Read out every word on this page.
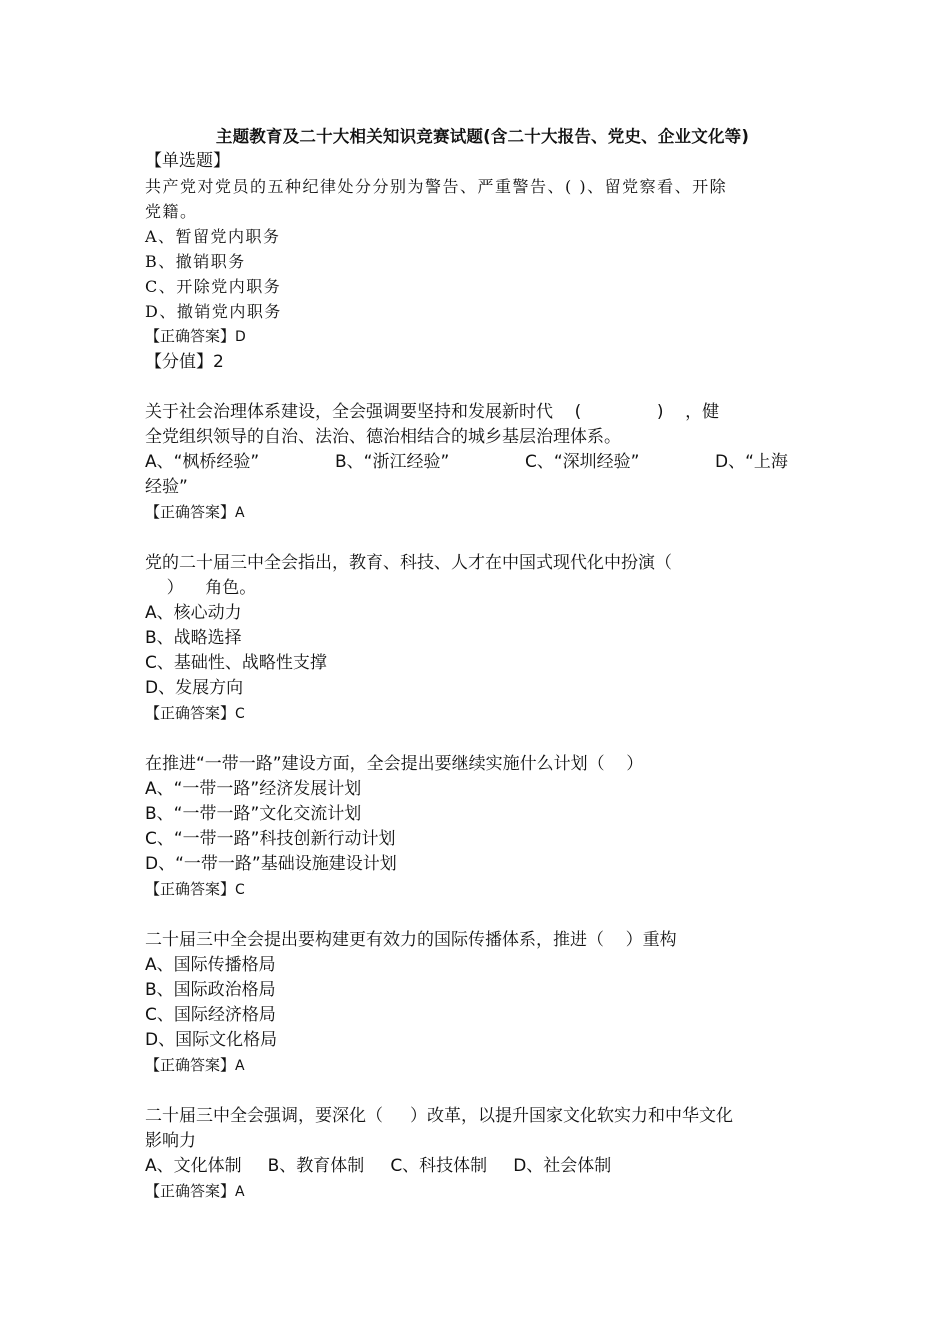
主题教育及二十大相关知识竞赛试题(含二十大报告、党史、企业文化等)
【单选题】
共产党对党员的五种纪律处分分别为警告、严重警告、( )、留党察看、开除
党籍。
A、暂留党内职务
B、撤销职务
C、开除党内职务
D、撤销党内职务
【正确答案】D
【分值】2
关于社会治理体系建设，全会强调要坚持和发展新时代    (              )    ，健
全党组织领导的自治、法治、德治相结合的城乡基层治理体系。
A、“枫桥经验”	B、“浙江经验”	C、“深圳经验”	D、“上海
经验”
【正确答案】A
党的二十届三中全会指出，教育、科技、人才在中国式现代化中扮演（
）    角色。
A、核心动力
B、战略选择
C、基础性、战略性支撑
D、发展方向
【正确答案】C
在推进“一带一路”建设方面，全会提出要继续实施什么计划（    ）
A、“一带一路”经济发展计划
B、“一带一路”文化交流计划
C、“一带一路”科技创新行动计划
D、“一带一路”基础设施建设计划
【正确答案】C
二十届三中全会提出要构建更有效力的国际传播体系，推进（    ）重构
A、国际传播格局
B、国际政治格局
C、国际经济格局
D、国际文化格局
【正确答案】A
二十届三中全会强调，要深化（     ）改革，以提升国家文化软实力和中华文化
影响力
A、文化体制 B、教育体制 C、科技体制 D、社会体制
【正确答案】A
